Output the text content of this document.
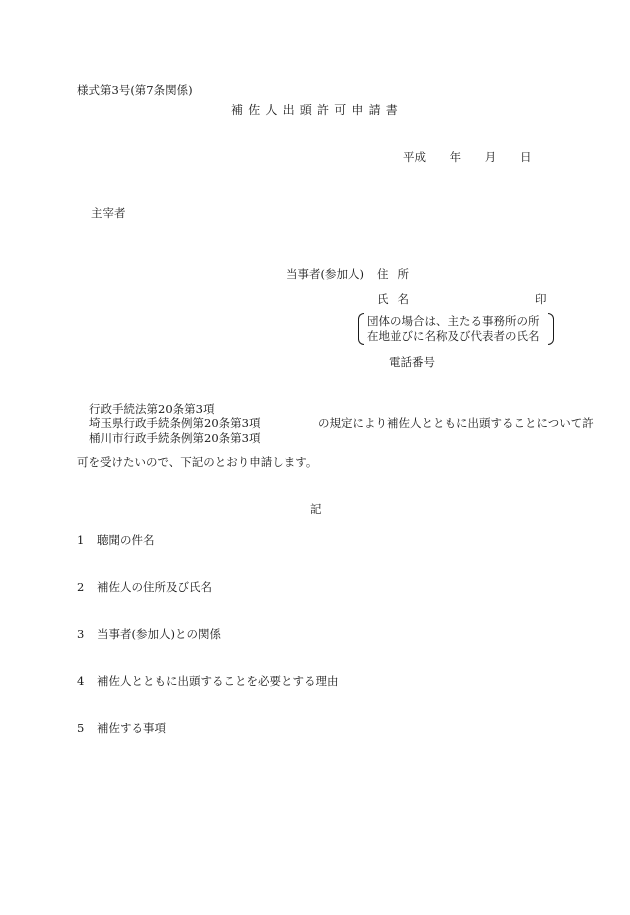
様式第3号(第7条関係)
補佐人出頭許可申請書
平成 年 月 日
主宰者
当事者(参加人) 住所
氏名	印
団体の場合は、主たる事務所の所
在地並びに名称及び代表者の氏名
電話番号
行政手続法第20条第3項
埼玉県行政手続条例第20条第3項	の規定により補佐人とともに出頭することについて許
桶川市行政手続条例第20条第3項
可を受けたいので、下記のとおり申請します。
記
1 聴聞の件名
2 補佐人の住所及び氏名
3 当事者(参加人)との関係
4 補佐人とともに出頭することを必要とする理由
5 補佐する事項
